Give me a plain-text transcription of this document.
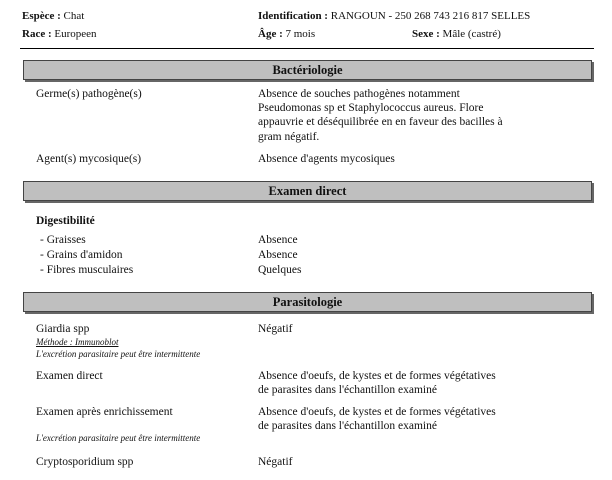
Espèce : Chat
Race : Europeen
Identification : RANGOUN - 250 268 743 216 817 SELLES
Âge : 7 mois	Sexe : Mâle (castré)
Bactériologie
Germe(s) pathogène(s)	Absence de souches pathogènes notamment
Pseudomonas sp et Staphylococcus aureus. Flore
appauvrie et déséquilibrée en en faveur des bacilles à
gram négatif.
Agent(s) mycosique(s)	Absence d'agents mycosiques
Examen direct
Digestibilité
- Graisses	Absence
- Grains d'amidon	Absence
- Fibres musculaires	Quelques
Parasitologie
Giardia spp	Négatif
Méthode : Immunoblot
L'excrétion parasitaire peut être intermittente
Examen direct	Absence d'oeufs, de kystes et de formes végétatives
de parasites dans l'échantillon examiné
Examen après enrichissement	Absence d'oeufs, de kystes et de formes végétatives
de parasites dans l'échantillon examiné
L'excrétion parasitaire peut être intermittente
Cryptosporidium spp	Négatif
